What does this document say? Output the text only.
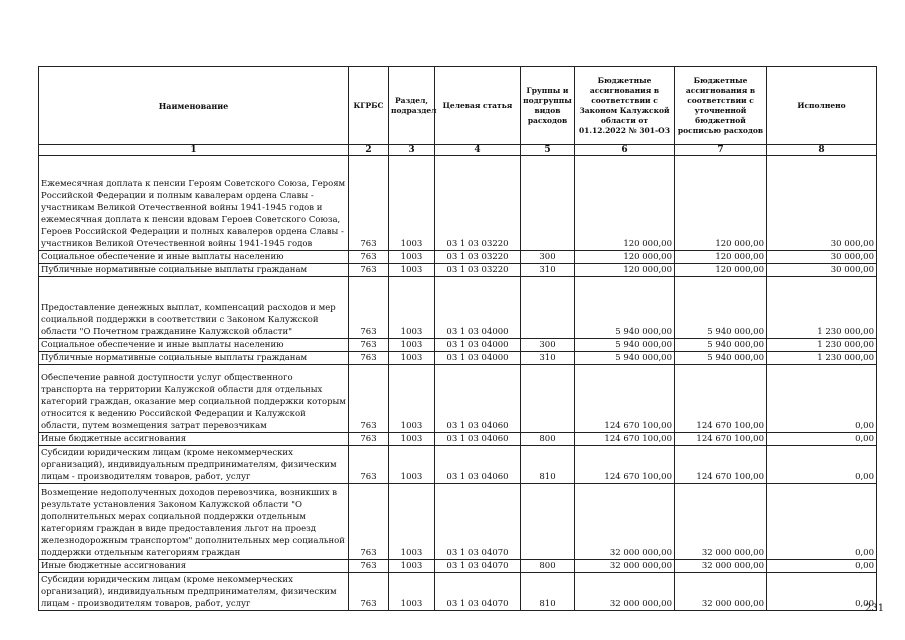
Наименование	КГРБС	Раздел, подраздел	Целевая статья	Группы и подгруппы видов расходов	Бюджетные ассигнования в соответствии с Законом Калужской области от 01.12.2022 № 301-ОЗ	Бюджетные ассигнования в соответствии с уточненной бюджетной росписью расходов	Исполнено
1	2	3	4	5	6	7	8
Ежемесячная доплата к пенсии Героям Советского Союза, Героям Российской Федерации и полным кавалерам ордена Славы - участникам Великой Отечественной войны 1941-1945 годов и ежемесячная доплата к пенсии вдовам Героев Советского Союза, Героев Российской Федерации и полных кавалеров ордена Славы - участников Великой Отечественной войны 1941-1945 годов	763	1003	03 1 03 03220		120 000,00	120 000,00	30 000,00
Социальное обеспечение и иные выплаты населению	763	1003	03 1 03 03220	300	120 000,00	120 000,00	30 000,00
Публичные нормативные социальные выплаты гражданам	763	1003	03 1 03 03220	310	120 000,00	120 000,00	30 000,00
Предоставление денежных выплат, компенсаций расходов и мер социальной поддержки в соответствии с Законом Калужской области "О Почетном гражданине Калужской области"	763	1003	03 1 03 04000		5 940 000,00	5 940 000,00	1 230 000,00
Социальное обеспечение и иные выплаты населению	763	1003	03 1 03 04000	300	5 940 000,00	5 940 000,00	1 230 000,00
Публичные нормативные социальные выплаты гражданам	763	1003	03 1 03 04000	310	5 940 000,00	5 940 000,00	1 230 000,00
Обеспечение равной доступности услуг общественного транспорта на территории Калужской области для отдельных категорий граждан, оказание мер социальной поддержки которым относится к ведению Российской Федерации и Калужской области, путем возмещения затрат перевозчикам	763	1003	03 1 03 04060		124 670 100,00	124 670 100,00	0,00
Иные бюджетные ассигнования	763	1003	03 1 03 04060	800	124 670 100,00	124 670 100,00	0,00
Субсидии юридическим лицам (кроме некоммерческих организаций), индивидуальным предпринимателям, физическим лицам - производителям товаров, работ, услуг	763	1003	03 1 03 04060	810	124 670 100,00	124 670 100,00	0,00
Возмещение недополученных доходов перевозчика, возникших в результате установления Законом Калужской области "О дополнительных мерах социальной поддержки отдельным категориям граждан в виде предоставления льгот на проезд железнодорожным транспортом" дополнительных мер социальной поддержки отдельным категориям граждан	763	1003	03 1 03 04070		32 000 000,00	32 000 000,00	0,00
Иные бюджетные ассигнования	763	1003	03 1 03 04070	800	32 000 000,00	32 000 000,00	0,00
Субсидии юридическим лицам (кроме некоммерческих организаций), индивидуальным предпринимателям, физическим лицам - производителям товаров, работ, услуг	763	1003	03 1 03 04070	810	32 000 000,00	32 000 000,00	0,00
231
